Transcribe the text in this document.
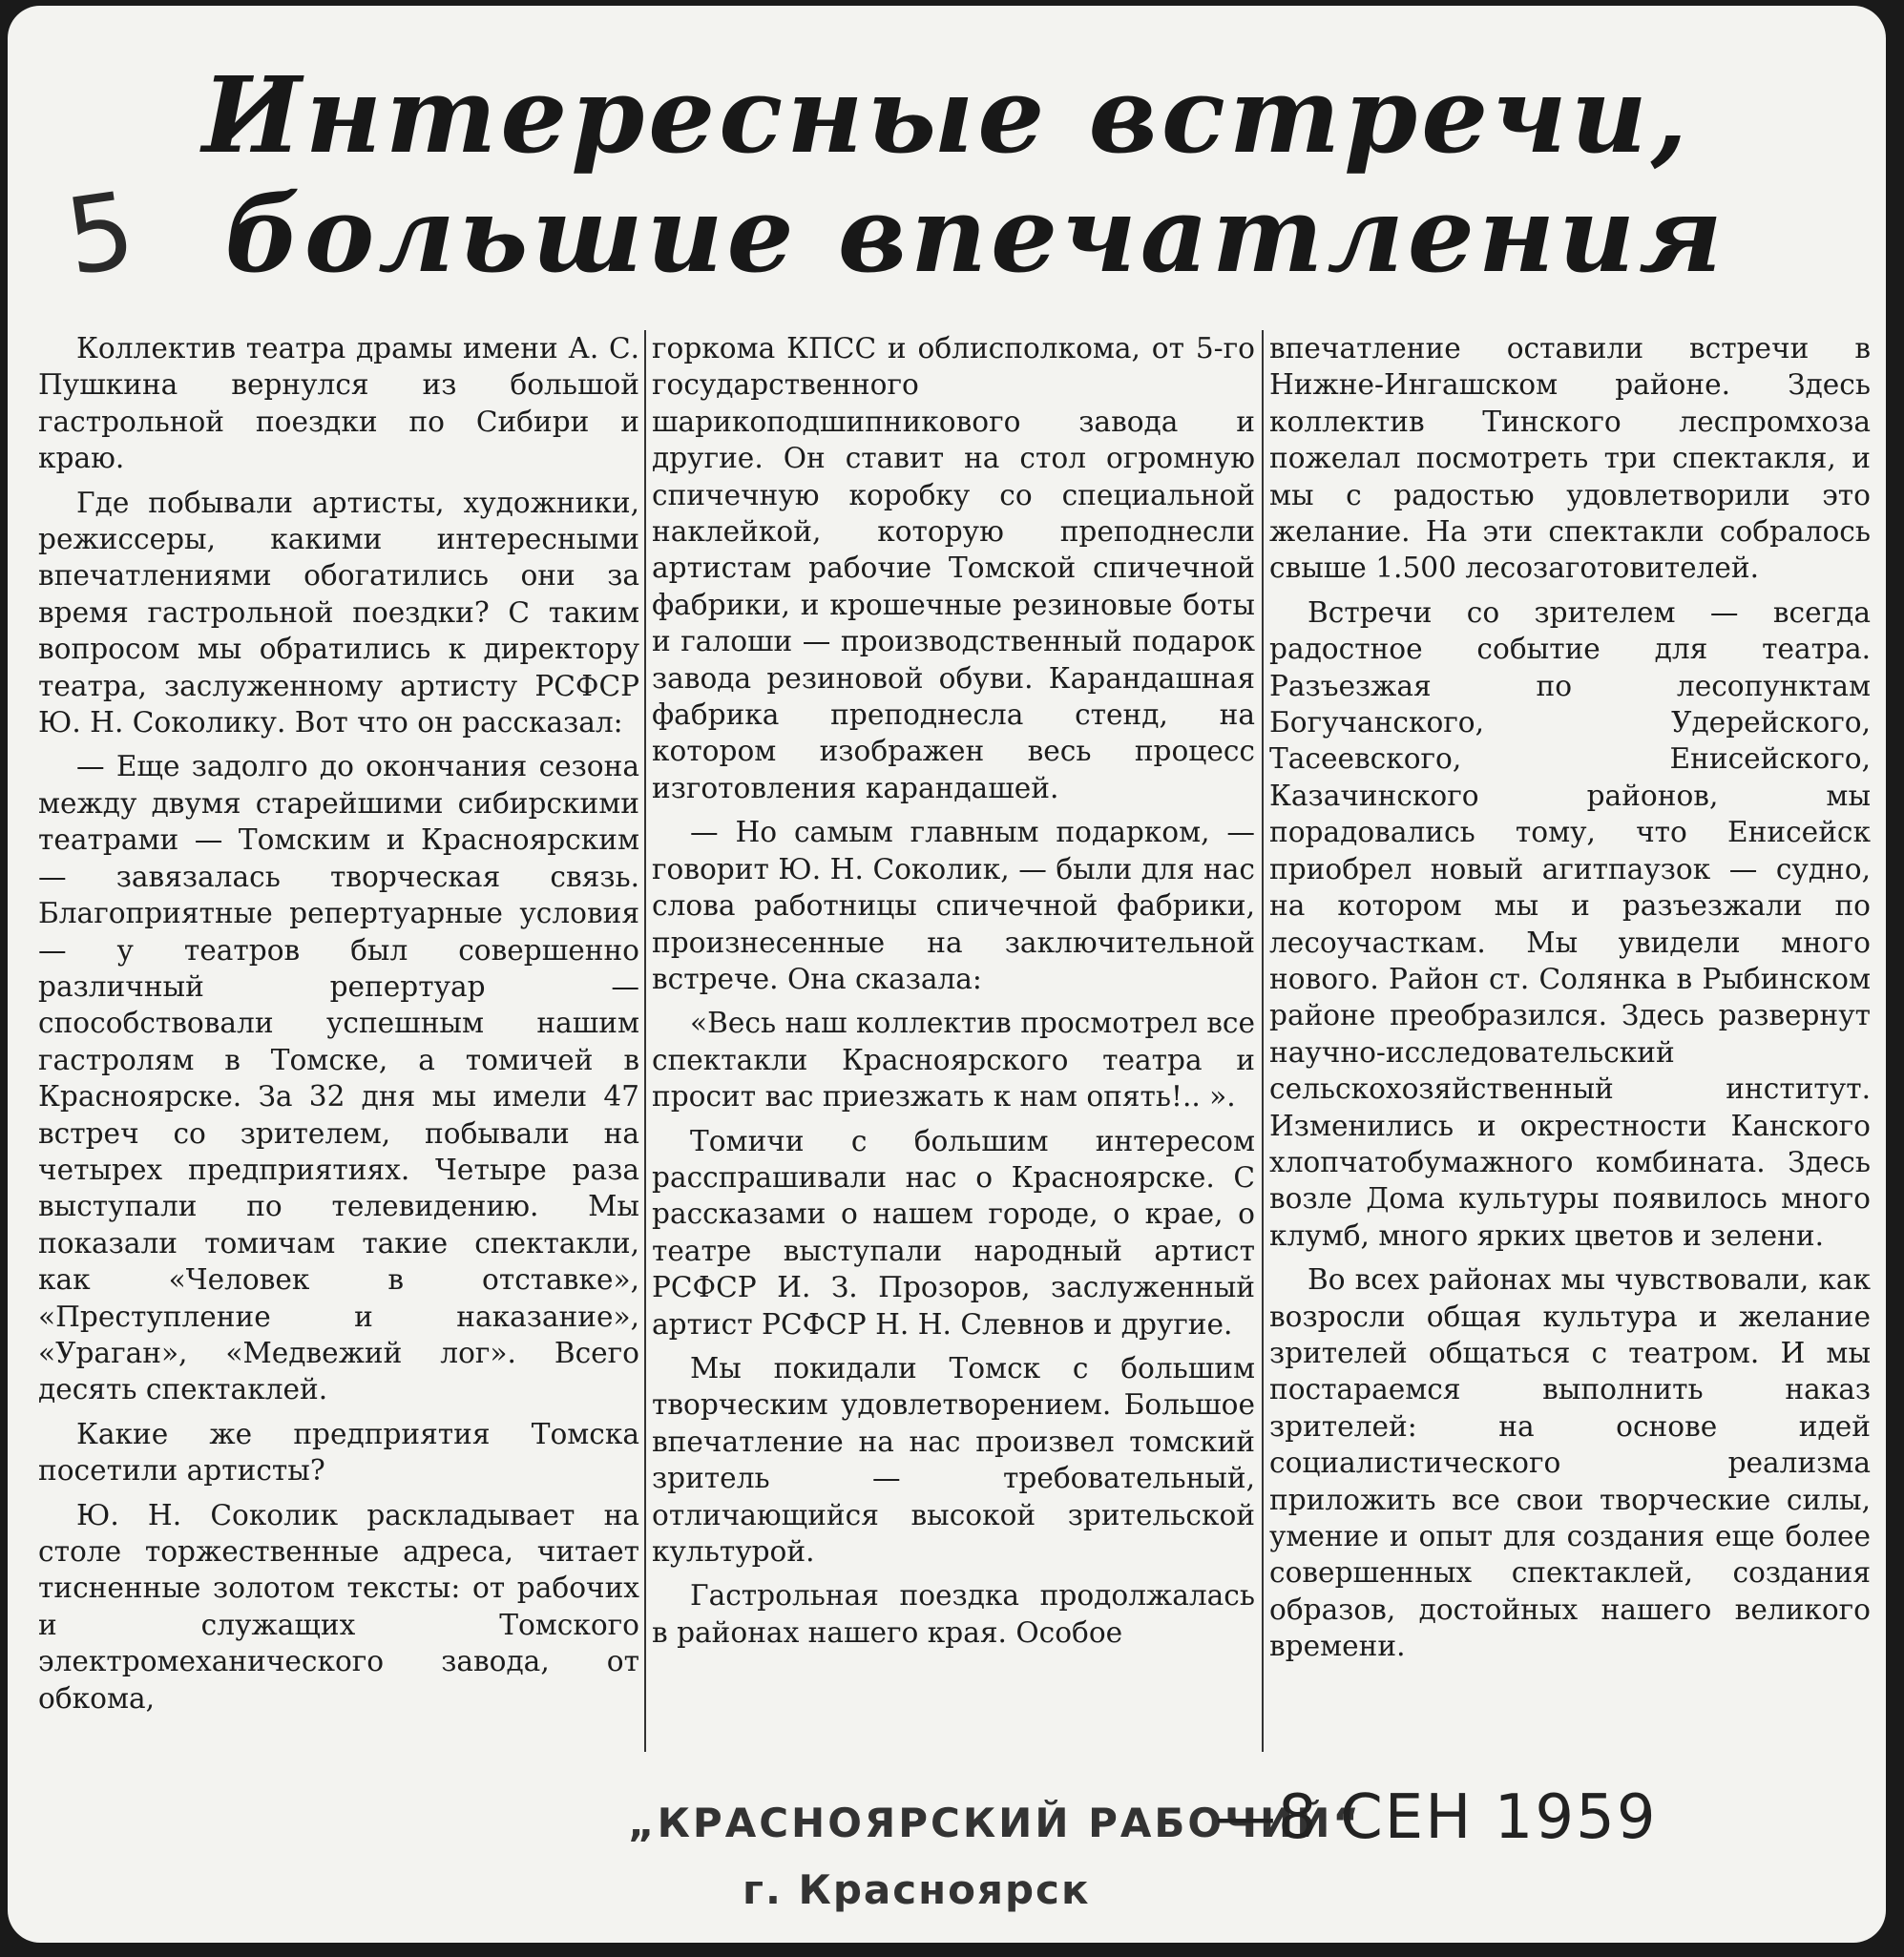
5
Интересные встречи,
большие впечатления

Коллектив театра драмы имени А. С. Пушкина вернулся из большой гастрольной поездки по Сибири и краю.

Где побывали артисты, художники, режиссеры, какими интересными впечатлениями обогатились они за время гастрольной поездки? С таким вопросом мы обратились к директору театра, заслуженному артисту РСФСР Ю. Н. Соколику. Вот что он рассказал:

— Еще задолго до окончания сезона между двумя старейшими сибирскими театрами — Томским и Красноярским — завязалась творческая связь. Благоприятные репертуарные условия — у театров был совершенно различный репертуар — способствовали успешным нашим гастролям в Томске, а томичей в Красноярске. За 32 дня мы имели 47 встреч со зрителем, побывали на четырех предприятиях. Четыре раза выступали по телевидению. Мы показали томичам такие спектакли, как «Человек в отставке», «Преступление и наказание», «Ураган», «Медвежий лог». Всего десять спектаклей.

Какие же предприятия Томска посетили артисты?

Ю. Н. Соколик раскладывает на столе торжественные адреса, читает тисненные золотом тексты: от рабочих и служащих Томского электромеханического завода, от обкома,

горкома КПСС и облисполкома, от 5-го государственного шарикоподшипникового завода и другие. Он ставит на стол огромную спичечную коробку со специальной наклейкой, которую преподнесли артистам рабочие Томской спичечной фабрики, и крошечные резиновые боты и галоши — производственный подарок завода резиновой обуви. Карандашная фабрика преподнесла стенд, на котором изображен весь процесс изготовления карандашей.

— Но самым главным подарком, — говорит Ю. Н. Соколик, — были для нас слова работницы спичечной фабрики, произнесенные на заключительной встрече. Она сказала:

«Весь наш коллектив просмотрел все спектакли Красноярского театра и просит вас приезжать к нам опять!.. ».

Томичи с большим интересом расспрашивали нас о Красноярске. С рассказами о нашем городе, о крае, о театре выступали народный артист РСФСР И. З. Прозоров, заслуженный артист РСФСР Н. Н. Слевнов и другие.

Мы покидали Томск с большим творческим удовлетворением. Большое впечатление на нас произвел томский зритель — требовательный, отличающийся высокой зрительской культурой.

Гастрольная поездка продолжалась в районах нашего края. Особое

впечатление оставили встречи в Нижне-Ингашском районе. Здесь коллектив Тинского леспромхоза пожелал посмотреть три спектакля, и мы с радостью удовлетворили это желание. На эти спектакли собралось свыше 1.500 лесозаготовителей.

Встречи со зрителем — всегда радостное событие для театра. Разъезжая по лесопунктам Богучанского, Удерейского, Тасеевского, Енисейского, Казачинского районов, мы порадовались тому, что Енисейск приобрел новый агитпаузок — судно, на котором мы и разъезжали по лесоучасткам. Мы увидели много нового. Район ст. Солянка в Рыбинском районе преобразился. Здесь развернут научно-исследовательский сельскохозяйственный институт. Изменились и окрестности Канского хлопчатобумажного комбината. Здесь возле Дома культуры появилось много клумб, много ярких цветов и зелени.

Во всех районах мы чувствовали, как возросли общая культура и желание зрителей общаться с театром. И мы постараемся выполнить наказ зрителей: на основе идей социалистического реализма приложить все свои творческие силы, умение и опыт для создания еще более совершенных спектаклей, создания образов, достойных нашего великого времени.

„КРАСНОЯРСКИЙ РАБОЧИЙ“
г. Красноярск
—8 СЕН 1959
